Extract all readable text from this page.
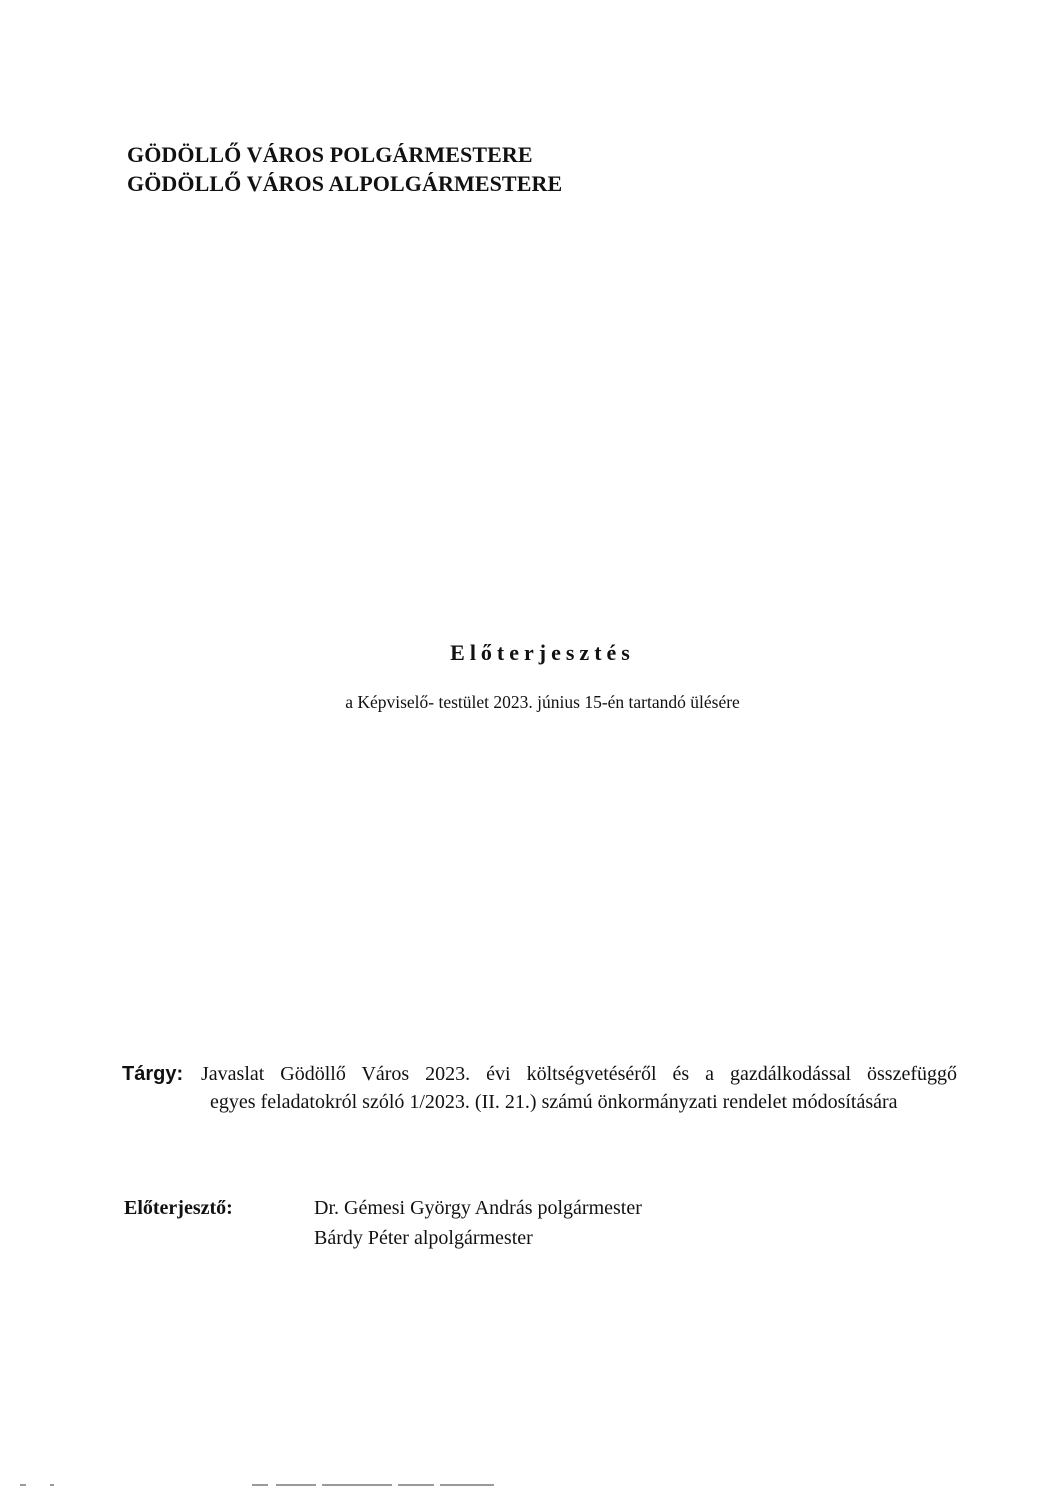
GÖDÖLLŐ VÁROS POLGÁRMESTERE
GÖDÖLLŐ VÁROS ALPOLGÁRMESTERE
Előterjesztés
a Képviselő- testület 2023. június 15-én tartandó ülésére
Tárgy: Javaslat Gödöllő Város 2023. évi költségvetéséről és a gazdálkodással összefüggő
egyes feladatokról szóló 1/2023. (II. 21.) számú önkormányzati rendelet módosítására
Előterjesztő:	Dr. Gémesi György András polgármester
Bárdy Péter alpolgármester
